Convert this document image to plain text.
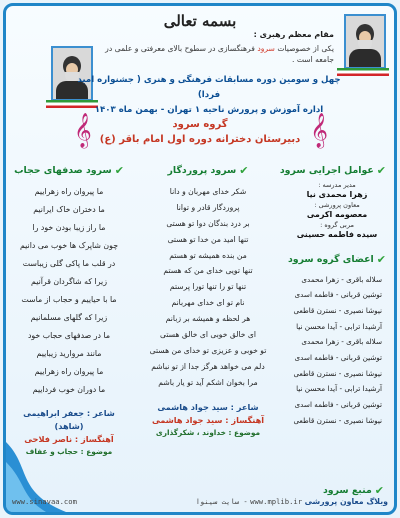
بسمه تعالی
مقام معظم رهبری :
یکی از خصوصیات سرود فرهنگسازی در سطوح بالای معرفتی و علمی در جامعه است .
چهل و سومین دوره مسابقات فرهنگی و هنری ( جشنواره امید فردا)
اداره آموزش و پرورش ناحیه ۱ تهران - بهمن ماه ۱۴۰۳
𝄞
𝄞	گروه سرود
دبیرستان دخترانه دوره اول امام باقر (ع)
✔
عوامل اجرایی سرود
مدیر مدرسه :
زهرا محمدی نیا
معاون پرورشی :
معصومه اکرمی
مربی گروه :
سیده فاطمه حسینی
✔
اعضای گروه سرود
سلاله باقری - زهرا محمدی
توشین قربانی - فاطمه اسدی
نیوشا نصیری - نسترن قاطعی
آرشیدا ترابی - آیدا محسن نیا
سلاله باقری - زهرا محمدی
توشین قربانی - فاطمه اسدی
نیوشا نصیری - نسترن قاطعی
آرشیدا ترابی - آیدا محسن نیا
توشین قربانی - فاطمه اسدی
نیوشا نصیری - نسترن قاطعی
✔
سرود پروردگار
شکر خدای مهربان و دانا
پروردگار قادر و توانا
بر درد بندگان دوا تو هستی
تنها امید من خدا تو هستی
من بنده همیشه تو هستم
تنها تویی خدای من که هستم
تنها تو را تنها تورا پرستم
نام تو ای خدای مهربانم
هر لحظه و همیشه بر زبانم
ای خالق خوبی ای خالق هستی
تو خوبی و عزیزی تو خدای من هستی
دلم می خواهد هرگز جدا از تو نباشم
مرا بخوان اشکم آید تو یار باشم
شاعر : سید جواد هاشمی
آهنگساز : سید جواد هاشمی
موضوع : خداوند ، شکرگذاری
✔
سرود صدفهای حجاب
ما پیروان راه زهراییم
ما دختران خاک ایرانیم
ما راز زیبا بودن خود را
چون شاپرک ها خوب می دانیم
در قلب ما پاکی گلی زیباست
زیرا که شاگردان قرآنیم
ما با حیاییم و حجاب از ماست
زیرا که گلهای مسلمانیم
ما در صدفهای حجاب خود
مانند مروارید زیباییم
ما پیروان راه زهراییم
ما دوران خوب فرداییم
شاعر : جعفر ابراهیمی (شاهد)
آهنگساز : ناصر فلاحی
موضوع : حجاب و عفاف
✔
منبع سرود
وبلاگ معاون پرورشی www.mplib.ir - سایت سینوا
www.sinavaa.com
